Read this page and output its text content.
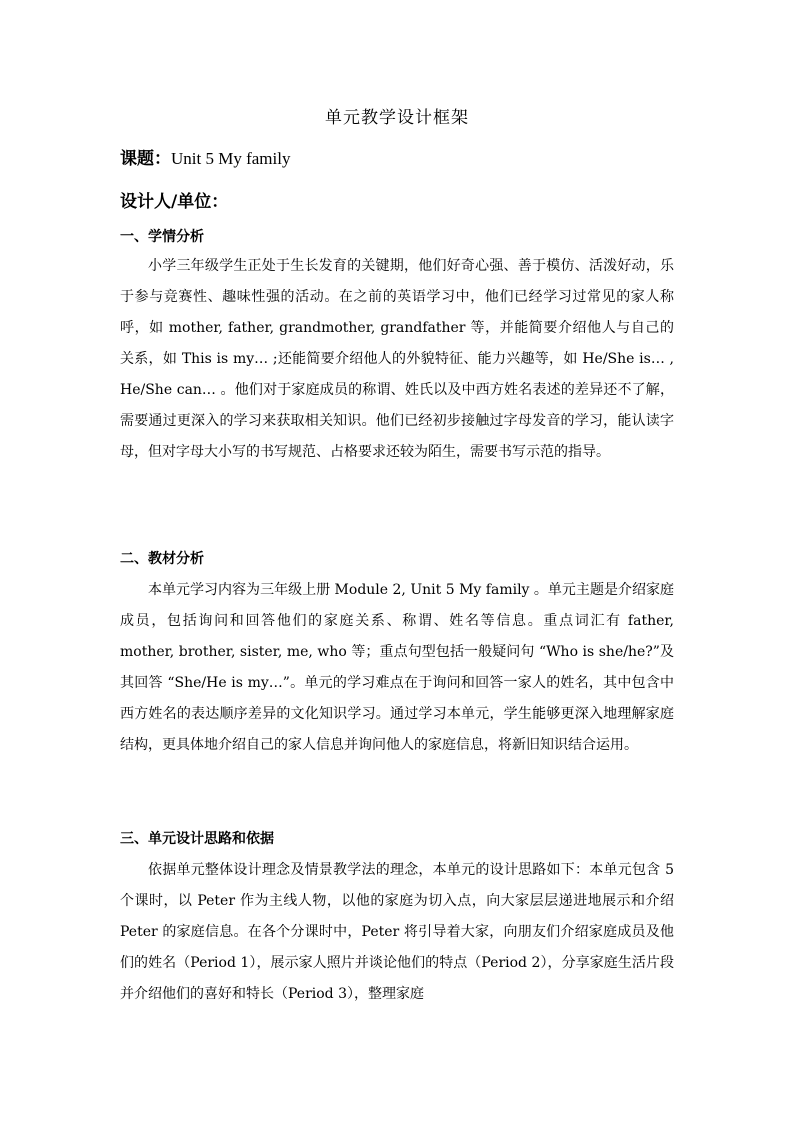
单元教学设计框架
课题：Unit 5 My family
设计人/单位：
一、学情分析

小学三年级学生正处于生长发育的关键期，他们好奇心强、善于模仿、活泼好动，乐于参与竞赛性、趣味性强的活动。在之前的英语学习中，他们已经学习过常见的家人称呼，如 mother, father, grandmother, grandfather 等，并能简要介绍他人与自己的关系，如 This is my… ;还能简要介绍他人的外貌特征、能力兴趣等，如 He/She is… , He/She can… 。他们对于家庭成员的称谓、姓氏以及中西方姓名表述的差异还不了解，需要通过更深入的学习来获取相关知识。他们已经初步接触过字母发音的学习，能认读字母，但对字母大小写的书写规范、占格要求还较为陌生，需要书写示范的指导。

二、教材分析

本单元学习内容为三年级上册 Module 2, Unit 5 My family 。单元主题是介绍家庭成员，包括询问和回答他们的家庭关系、称谓、姓名等信息。重点词汇有 father, mother, brother, sister, me, who 等；重点句型包括一般疑问句 “Who is she/he?”及其回答 “She/He is my…”。单元的学习难点在于询问和回答一家人的姓名，其中包含中西方姓名的表达顺序差异的文化知识学习。通过学习本单元，学生能够更深入地理解家庭结构，更具体地介绍自己的家人信息并询问他人的家庭信息，将新旧知识结合运用。

三、单元设计思路和依据

依据单元整体设计理念及情景教学法的理念，本单元的设计思路如下：本单元包含 5 个课时，以 Peter 作为主线人物，以他的家庭为切入点，向大家层层递进地展示和介绍 Peter 的家庭信息。在各个分课时中，Peter 将引导着大家，向朋友们介绍家庭成员及他们的姓名（Period 1），展示家人照片并谈论他们的特点（Period 2），分享家庭生活片段并介绍他们的喜好和特长（Period 3），整理家庭
